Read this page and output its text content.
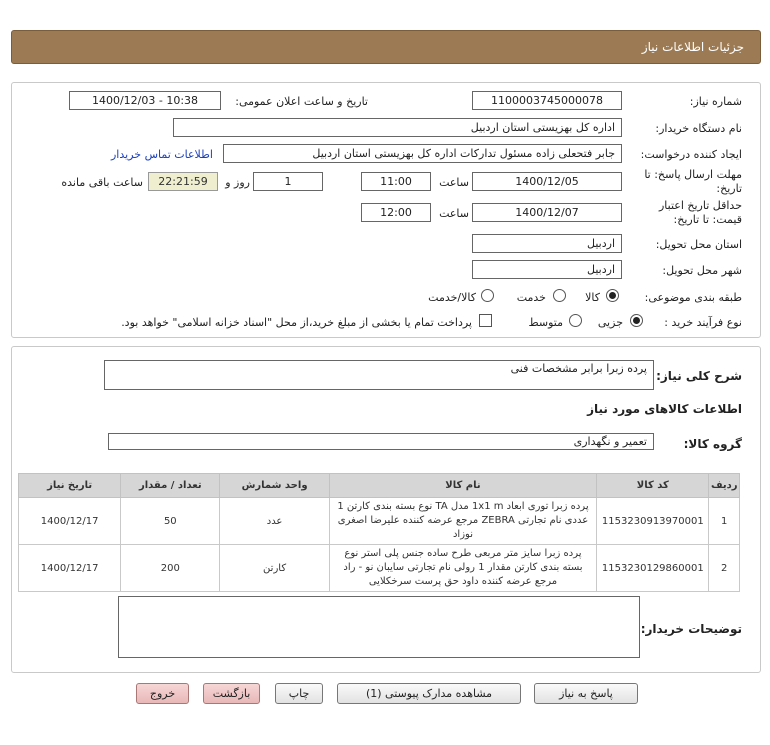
جزئیات اطلاعات نیاز
شماره نیاز:
1100003745000078
تاریخ و ساعت اعلان عمومی:
1400/12/03 - 10:38
نام دستگاه خریدار:
اداره کل بهزیستی استان اردبیل
ایجاد کننده درخواست:
جابر فتحعلی زاده مسئول تدارکات اداره کل بهزیستی استان اردبیل
اطلاعات تماس خریدار
مهلت ارسال پاسخ: تا تاریخ:
1400/12/05
ساعت
11:00
1
روز و
22:21:59
ساعت باقی مانده
حداقل تاریخ اعتبار قیمت: تا تاریخ:
1400/12/07
ساعت
12:00
استان محل تحویل:
اردبیل
شهر محل تحویل:
اردبیل
طبقه بندی موضوعی:
کالا
خدمت
کالا/خدمت
نوع فرآیند خرید :
جزیی
متوسط
پرداخت تمام یا بخشی از مبلغ خرید،از محل "اسناد خزانه اسلامی" خواهد بود.
شرح کلی نیاز:
پرده زبرا برابر مشخصات فنی
اطلاعات کالاهای مورد نیاز
گروه کالا:
تعمیر و نگهداری
ردیف	کد کالا	نام کالا	واحد شمارش	تعداد / مقدار	تاریخ نیاز
1	1153230913970001	پرده زبرا توری ابعاد 1x1 m مدل TA نوع بسته بندی کارتن 1 عددی نام تجارتی ZEBRA مرجع عرضه کننده علیرضا اصغری نوزاد	عدد	50	1400/12/17
2	1153230129860001	پرده زبرا سایز متر مربعی طرح ساده جنس پلی استر نوع بسته بندی کارتن مقدار 1 رولی نام تجارتی سایبان نو - راد مرجع عرضه کننده داود حق پرست سرخکلایی	کارتن	200	1400/12/17
توضیحات خریدار:
پاسخ به نیاز
مشاهده مدارک پیوستی (1)
چاپ
بازگشت
خروج
